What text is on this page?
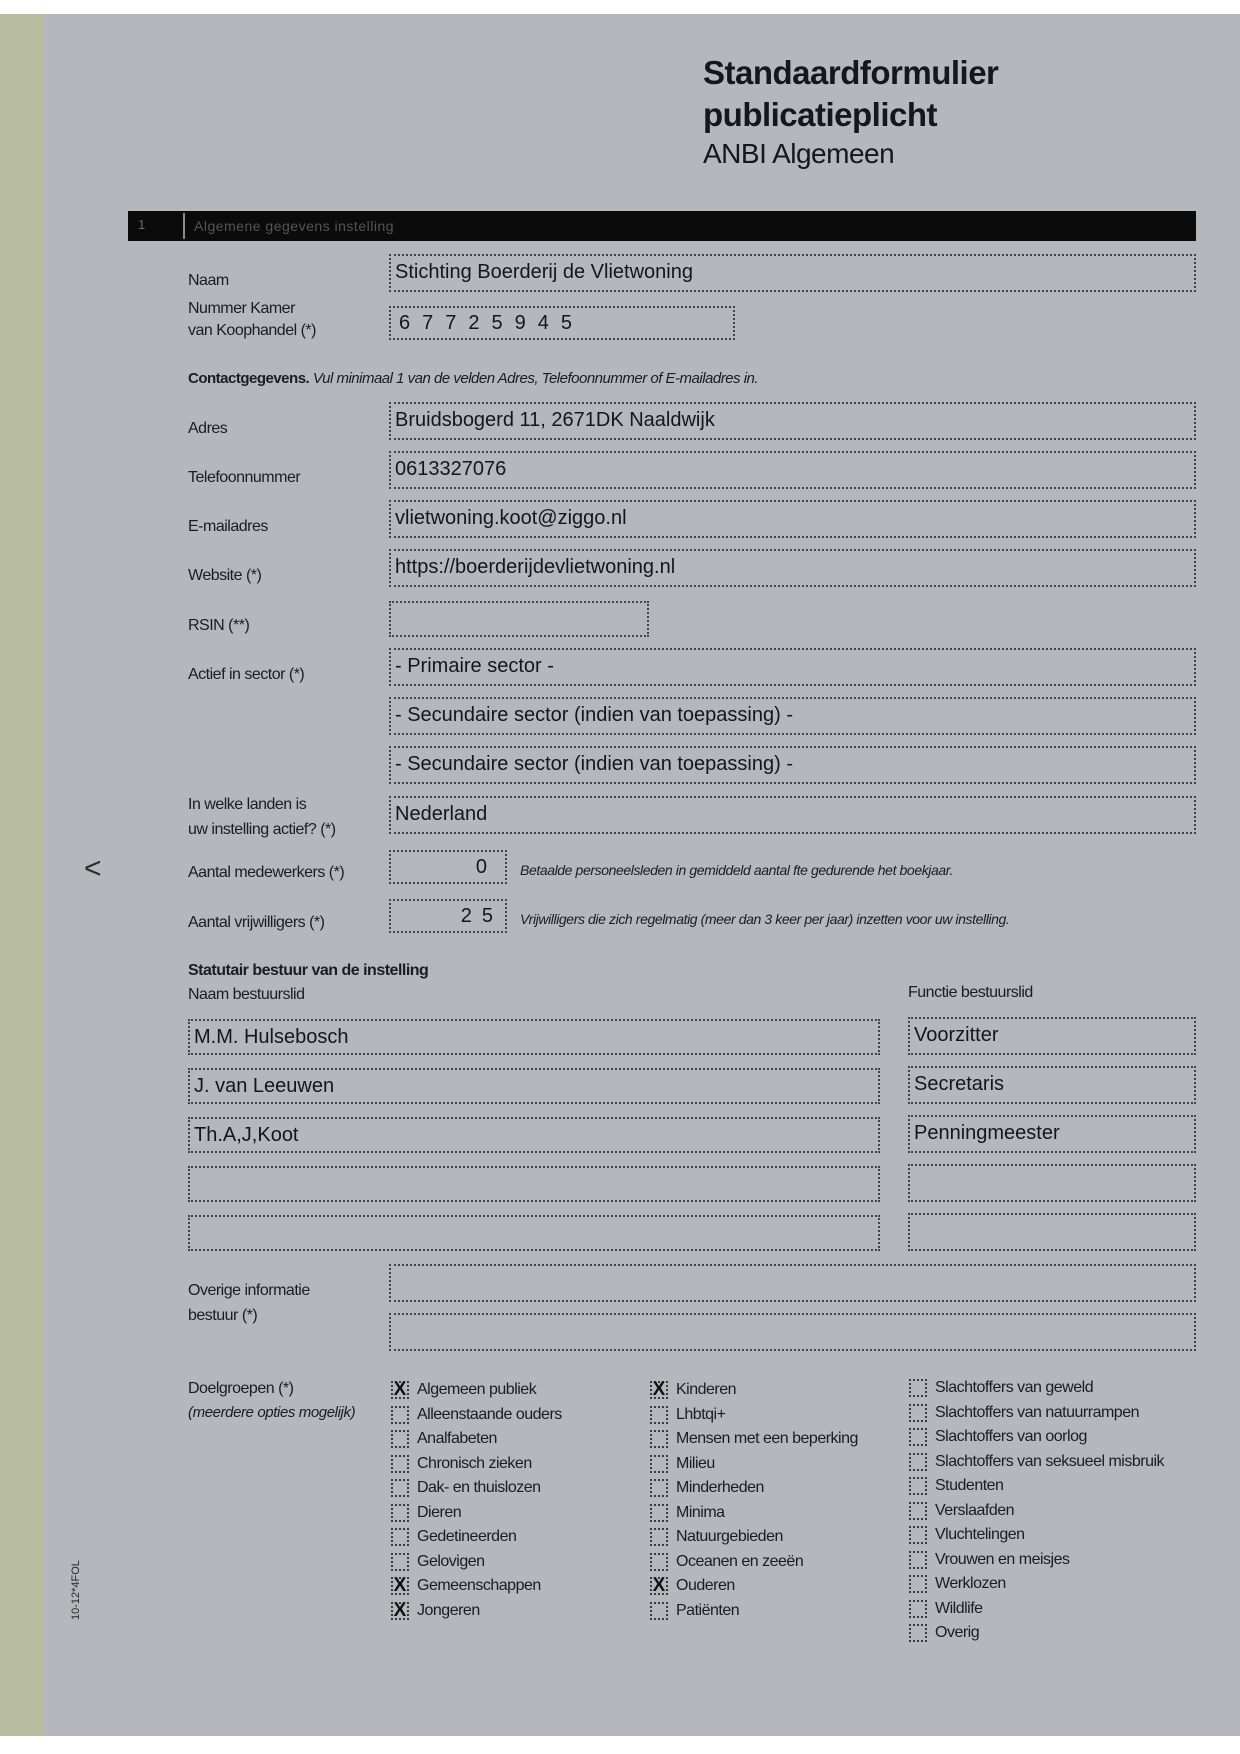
Standaardformulier
publicatieplicht
ANBI Algemeen
1	Algemene gegevens instelling
Naam	Stichting Boerderij de Vlietwoning
Nummer Kamer
van Koophandel (*)	67725945
Contactgegevens. Vul minimaal 1 van de velden Adres, Telefoonnummer of E-mailadres in.
Adres	Bruidsbogerd 11, 2671DK Naaldwijk
Telefoonnummer	0613327076
E-mailadres	vlietwoning.koot@ziggo.nl
Website (*)	https://boerderijdevlietwoning.nl
RSIN (**)
Actief in sector (*)	- Primaire sector -
- Secundaire sector (indien van toepassing) -
- Secundaire sector (indien van toepassing) -
In welke landen is
uw instelling actief? (*)
Nederland
Aantal medewerkers (*)	0	Betaalde personeelsleden in gemiddeld aantal fte gedurende het boekjaar.
Aantal vrijwilligers (*)	25 Vrijwilligers die zich regelmatig (meer dan 3 keer per jaar) inzetten voor uw instelling.
Statutair bestuur van de instelling
Naam bestuurslid	Functie bestuurslid
M.M. Hulsebosch	Voorzitter
J. van Leeuwen	Secretaris
Th.A,J,Koot	Penningmeester
Overige informatie
bestuur (*)
Doelgroepen (*)
(meerdere opties mogelijk)
X Algemeen publiek
Alleenstaande ouders
Analfabeten
Chronisch zieken
Dak- en thuislozen
Dieren
Gedetineerden
Gelovigen
X Gemeenschappen
X Jongeren
X Kinderen
Lhbtqi+
Mensen met een beperking
Milieu
Minderheden
Minima
Natuurgebieden
Oceanen en zeeën
X Ouderen
Patiënten
Slachtoffers van geweld
Slachtoffers van natuurrampen
Slachtoffers van oorlog
Slachtoffers van seksueel misbruik
Studenten
Verslaafden
Vluchtelingen
Vrouwen en meisjes
Werklozen
Wildlife
Overig
<
10-12*4FOL
